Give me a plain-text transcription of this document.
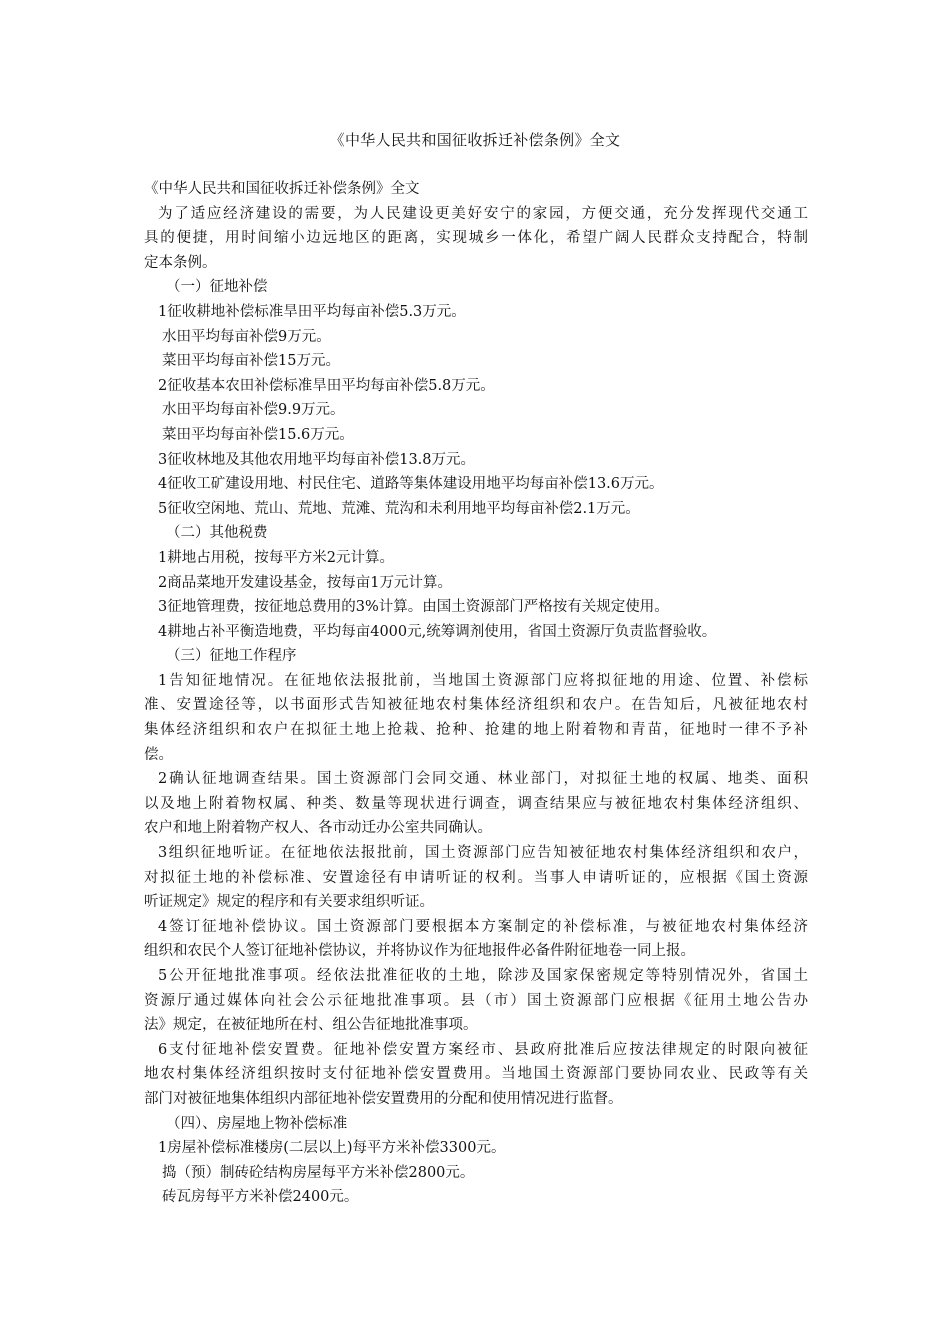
《中华人民共和国征收拆迁补偿条例》全文
《中华人民共和国征收拆迁补偿条例》全文
为了适应经济建设的需要，为人民建设更美好安宁的家园，方便交通，充分发挥现代交通工
具的便捷，用时间缩小边远地区的距离，实现城乡一体化，希望广阔人民群众支持配合，特制
定本条例。
（一）征地补偿
1征收耕地补偿标准旱田平均每亩补偿5.3万元。
水田平均每亩补偿9万元。
菜田平均每亩补偿15万元。
2征收基本农田补偿标准旱田平均每亩补偿5.8万元。
水田平均每亩补偿9.9万元。
菜田平均每亩补偿15.6万元。
3征收林地及其他农用地平均每亩补偿13.8万元。
4征收工矿建设用地、村民住宅、道路等集体建设用地平均每亩补偿13.6万元。
5征收空闲地、荒山、荒地、荒滩、荒沟和未利用地平均每亩补偿2.1万元。
（二）其他税费
1耕地占用税，按每平方米2元计算。
2商品菜地开发建设基金，按每亩1万元计算。
3征地管理费，按征地总费用的3%计算。由国土资源部门严格按有关规定使用。
4耕地占补平衡造地费，平均每亩4000元,统筹调剂使用，省国土资源厅负责监督验收。
（三）征地工作程序
1告知征地情况。在征地依法报批前，当地国土资源部门应将拟征地的用途、位置、补偿标
准、安置途径等，以书面形式告知被征地农村集体经济组织和农户。在告知后，凡被征地农村
集体经济组织和农户在拟征土地上抢栽、抢种、抢建的地上附着物和青苗，征地时一律不予补
偿。
2确认征地调查结果。国土资源部门会同交通、林业部门，对拟征土地的权属、地类、面积
以及地上附着物权属、种类、数量等现状进行调查，调查结果应与被征地农村集体经济组织、
农户和地上附着物产权人、各市动迁办公室共同确认。
3组织征地听证。在征地依法报批前，国土资源部门应告知被征地农村集体经济组织和农户，
对拟征土地的补偿标准、安置途径有申请听证的权利。当事人申请听证的，应根据《国土资源
听证规定》规定的程序和有关要求组织听证。
4签订征地补偿协议。国土资源部门要根据本方案制定的补偿标准，与被征地农村集体经济
组织和农民个人签订征地补偿协议，并将协议作为征地报件必备件附征地卷一同上报。
5公开征地批准事项。经依法批准征收的土地，除涉及国家保密规定等特别情况外，省国土
资源厅通过媒体向社会公示征地批准事项。县（市）国土资源部门应根据《征用土地公告办
法》规定，在被征地所在村、组公告征地批准事项。
6支付征地补偿安置费。征地补偿安置方案经市、县政府批准后应按法律规定的时限向被征
地农村集体经济组织按时支付征地补偿安置费用。当地国土资源部门要协同农业、民政等有关
部门对被征地集体组织内部征地补偿安置费用的分配和使用情况进行监督。
（四）、房屋地上物补偿标准
1房屋补偿标准楼房(二层以上)每平方米补偿3300元。
捣（预）制砖砼结构房屋每平方米补偿2800元。
砖瓦房每平方米补偿2400元。
